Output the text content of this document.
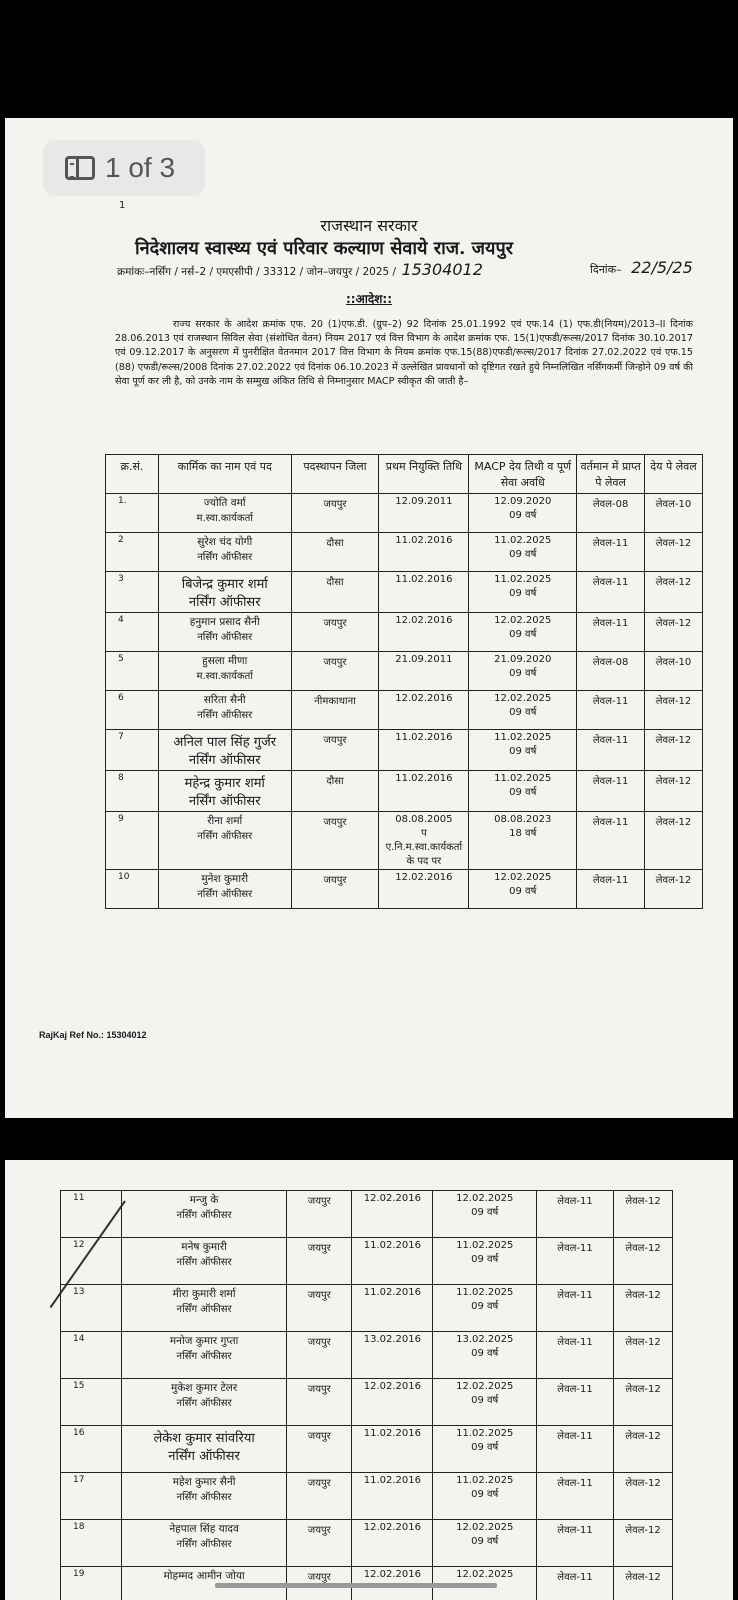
1 of 3
1
राजस्थान सरकार
निदेशालय स्वास्थ्य एवं परिवार कल्याण सेवाये राज. जयपुर
क्रमांकः–नर्सिंग / नर्स–2 / एमएसीपी / 33312 / जोन–जयपुर / 2025 / 15304012	दिनांक– 22/5/25
::आदेश::

राज्य सरकार के आदेश क्रमांक एफ. 20 (1)एफ.डी. (ग्रुप–2) 92 दिनांक 25.01.1992 एवं एफ.14 (1) एफ.डी(नियम)/2013–II दिनांक 28.06.2013 एवं राजस्थान सिविल सेवा (संशोधित वेतन) नियम 2017 एवं वित्त विभाग के आदेश क्रमांक एफ. 15(1)एफडी/रूल्स/2017 दिनांक 30.10.2017 एवं 09.12.2017 के अनुसरण में पुनरीक्षित वेतनमान 2017 वित्त विभाग के नियम क्रमांक एफ.15(88)एफडी/रूल्स/2017 दिनांक 27.02.2022 एवं एफ.15 (88) एफडी/रूल्स/2008 दिनांक 27.02.2022 एवं दिनांक 06.10.2023 में उल्लेखित प्रावधानों को दृष्टिगत रखते हुये निम्नलिखित नर्सिंगकर्मी जिन्होने 09 वर्ष की सेवा पूर्ण कर ली है, को उनके नाम के सम्मुख अंकित तिथि से निम्नानुसार MACP स्वीकृत की जाती है–

क्र.सं.	कार्मिक का नाम एवं पद	पदस्थापन जिला	प्रथम नियुक्ति तिथि	MACP देय तिथी व पूर्ण सेवा अवधि	वर्तमान में प्राप्त पे लेवल	देय पे लेवल
1.	ज्योति वर्मा
म.स्वा.कार्यकर्ता	जयपुर	12.09.2011	12.09.2020
09 वर्ष	लेवल-08	लेवल-10
2	सुरेश चंद योगी
नर्सिंग ऑफीसर	दौसा	11.02.2016	11.02.2025
09 वर्ष	लेवल-11	लेवल-12
3	बिजेन्द्र कुमार शर्मा
नर्सिंग ऑफीसर	दौसा	11.02.2016	11.02.2025
09 वर्ष	लेवल-11	लेवल-12
4	हनुमान प्रसाद सैनी
नर्सिंग ऑफीसर	जयपुर	12.02.2016	12.02.2025
09 वर्ष	लेवल-11	लेवल-12
5	हुसला मीणा
म.स्वा.कार्यकर्ता	जयपुर	21.09.2011	21.09.2020
09 वर्ष	लेवल-08	लेवल-10
6	सरिता सैनी
नर्सिंग ऑफीसर	नीमकाथाना	12.02.2016	12.02.2025
09 वर्ष	लेवल-11	लेवल-12
7	अनिल पाल सिंह गुर्जर
नर्सिंग ऑफीसर	जयपुर	11.02.2016	11.02.2025
09 वर्ष	लेवल-11	लेवल-12
8	महेन्द्र कुमार शर्मा
नर्सिंग ऑफीसर	दौसा	11.02.2016	11.02.2025
09 वर्ष	लेवल-11	लेवल-12
9	रीना शर्मा
नर्सिंग ऑफीसर	जयपुर	08.08.2005
प ए.नि.म.स्वा.कार्यकर्ता के पद पर	08.08.2023
18 वर्ष	लेवल-11	लेवल-12
10	मुनेश कुमारी
नर्सिंग ऑफीसर	जयपुर	12.02.2016	12.02.2025
09 वर्ष	लेवल-11	लेवल-12
RajKaj Ref No.: 15304012
11	मन्जु के
नर्सिंग ऑफीसर	जयपुर	12.02.2016	12.02.2025
09 वर्ष	लेवल-11	लेवल-12
12	मनेष कुमारी
नर्सिंग ऑफीसर	जयपुर	11.02.2016	11.02.2025
09 वर्ष	लेवल-11	लेवल-12
13	मीरा कुमारी शर्मा
नर्सिंग ऑफीसर	जयपुर	11.02.2016	11.02.2025
09 वर्ष	लेवल-11	लेवल-12
14	मनोज कुमार गुप्ता
नर्सिंग ऑफीसर	जयपुर	13.02.2016	13.02.2025
09 वर्ष	लेवल-11	लेवल-12
15	मुकेश कुमार टेलर
नर्सिंग ऑफीसर	जयपुर	12.02.2016	12.02.2025
09 वर्ष	लेवल-11	लेवल-12
16	लेकेश कुमार सांवरिया
नर्सिंग ऑफीसर	जयपुर	11.02.2016	11.02.2025
09 वर्ष	लेवल-11	लेवल-12
17	महेश कुमार सैनी
नर्सिंग ऑफीसर	जयपुर	11.02.2016	11.02.2025
09 वर्ष	लेवल-11	लेवल-12
18	नेहपाल सिंह यादव
नर्सिंग ऑफीसर	जयपुर	12.02.2016	12.02.2025
09 वर्ष	लेवल-11	लेवल-12
19	मोहम्मद आमीन जोया	जयपुर	12.02.2016	12.02.2025	लेवल-11	लेवल-12
